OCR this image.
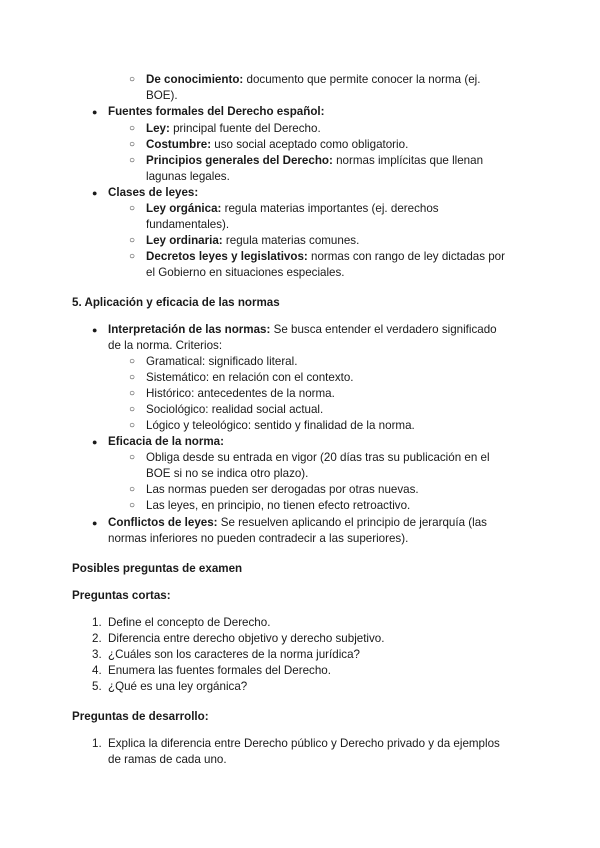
○ De conocimiento: documento que permite conocer la norma (ej.
BOE).
● Fuentes formales del Derecho español:
○ Ley: principal fuente del Derecho.
○ Costumbre: uso social aceptado como obligatorio.
○ Principios generales del Derecho: normas implícitas que llenan
lagunas legales.
● Clases de leyes:
○ Ley orgánica: regula materias importantes (ej. derechos
fundamentales).
○ Ley ordinaria: regula materias comunes.
○ Decretos leyes y legislativos: normas con rango de ley dictadas por
el Gobierno en situaciones especiales.
5. Aplicación y eficacia de las normas
● Interpretación de las normas: Se busca entender el verdadero significado
de la norma. Criterios:
○ Gramatical: significado literal.
○ Sistemático: en relación con el contexto.
○ Histórico: antecedentes de la norma.
○ Sociológico: realidad social actual.
○ Lógico y teleológico: sentido y finalidad de la norma.
● Eficacia de la norma:
○ Obliga desde su entrada en vigor (20 días tras su publicación en el
BOE si no se indica otro plazo).
○ Las normas pueden ser derogadas por otras nuevas.
○ Las leyes, en principio, no tienen efecto retroactivo.
● Conflictos de leyes: Se resuelven aplicando el principio de jerarquía (las
normas inferiores no pueden contradecir a las superiores).
Posibles preguntas de examen
Preguntas cortas:
1. Define el concepto de Derecho.
2. Diferencia entre derecho objetivo y derecho subjetivo.
3. ¿Cuáles son los caracteres de la norma jurídica?
4. Enumera las fuentes formales del Derecho.
5. ¿Qué es una ley orgánica?
Preguntas de desarrollo:
1. Explica la diferencia entre Derecho público y Derecho privado y da ejemplos
de ramas de cada uno.
